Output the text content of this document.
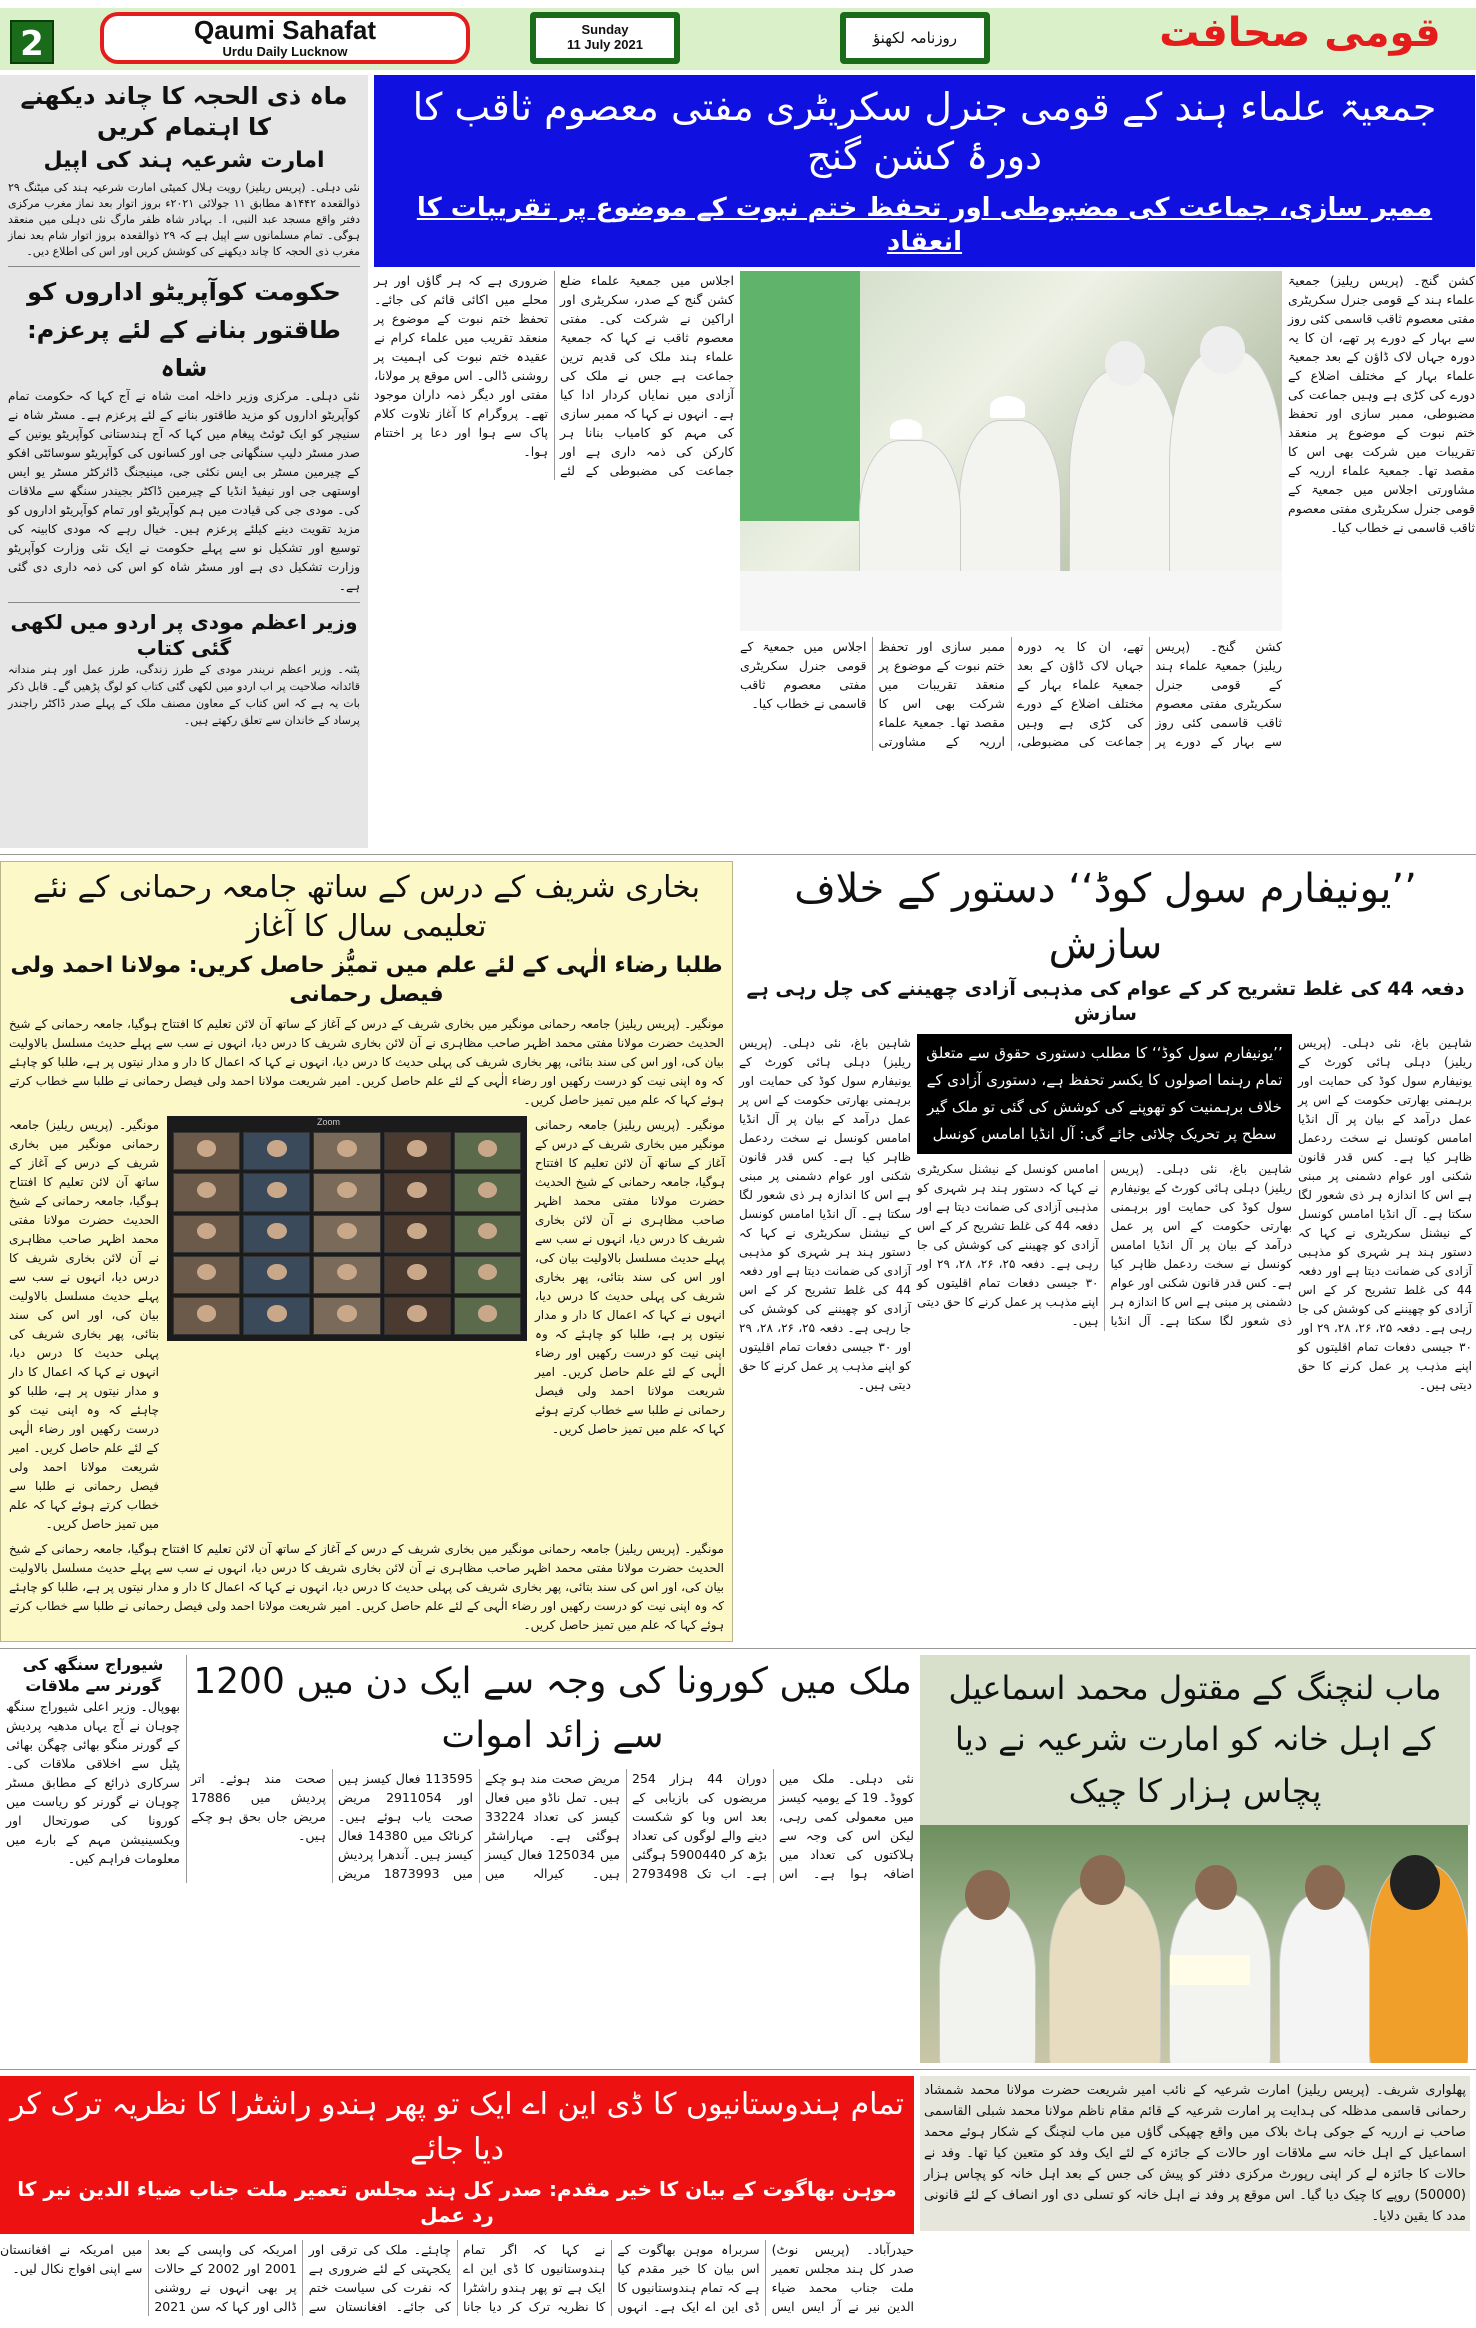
2	Qaumi Sahafat
Urdu Daily Lucknow
Sunday
11 July 2021	روزنامہ لکھنؤ	قومی صحافت
ماہ ذی الحجہ کا چاند دیکھنے کا اہتمام کریں
امارت شرعیہ ہند کی اپیل
نئی دہلی۔ (پریس ریلیز) رویت ہلال کمیٹی امارت شرعیہ ہند کی میٹنگ ۲۹ ذوالقعدہ ۱۴۴۲ھ مطابق ۱۱ جولائی ۲۰۲۱ء بروز اتوار بعد نماز مغرب مرکزی دفتر واقع مسجد عبد النبی، ا۔ بہادر شاہ ظفر مارگ نئی دہلی میں منعقد ہوگی۔ تمام مسلمانوں سے اپیل ہے کہ ۲۹ ذوالقعدہ بروز اتوار شام بعد نماز مغرب ذی الحجہ کا چاند دیکھنے کی کوشش کریں اور اس کی اطلاع دیں۔
حکومت کوآپریٹو اداروں کو طاقتور بنانے کے لئے پرعزم: شاہ
نئی دہلی۔ مرکزی وزیر داخلہ امت شاہ نے آج کہا کہ حکومت تمام کوآپریٹو اداروں کو مزید طاقتور بنانے کے لئے پرعزم ہے۔ مسٹر شاہ نے سنیچر کو ایک ٹوئٹ پیغام میں کہا کہ آج ہندستانی کوآپریٹو یونین کے صدر مسٹر دلیپ سنگھانی جی اور کسانوں کی کوآپریٹو سوسائٹی افکو کے چیرمین مسٹر بی ایس نکئی جی، مینیجنگ ڈائرکٹر مسٹر یو ایس اوستھی جی اور نیفیڈ انڈیا کے چیرمین ڈاکٹر بجیندر سنگھ سے ملاقات کی۔ مودی جی کی قیادت میں ہم کوآپریٹو اور تمام کوآپریٹو اداروں کو مزید تقویت دینے کیلئے پرعزم ہیں۔ خیال رہے کہ مودی کابینہ کی توسیع اور تشکیل نو سے پہلے حکومت نے ایک نئی وزارت کوآپریٹو وزارت تشکیل دی ہے اور مسٹر شاہ کو اس کی ذمہ داری دی گئی ہے۔
وزیر اعظم مودی پر اردو میں لکھی گئی کتاب
پٹنہ۔ وزیر اعظم نریندر مودی کے طرز زندگی، طرز عمل اور ہنر مندانہ قائدانہ صلاحیت پر اب اردو میں لکھی گئی کتاب کو لوگ پڑھیں گے۔ قابل ذکر بات یہ ہے کہ اس کتاب کے معاون مصنف ملک کے پہلے صدر ڈاکٹر راجندر پرساد کے خاندان سے تعلق رکھتے ہیں۔
جمعیۃ علماء ہند کے قومی جنرل سکریٹری مفتی معصوم ثاقب کا دورۂ کشن گنج
ممبر سازی، جماعت کی مضبوطی اور تحفظ ختم نبوت کے موضوع پر تقریبات کا انعقاد
اجلاس میں جمعیۃ علماء ضلع کشن گنج کے صدر، سکریٹری اور اراکین نے شرکت کی۔ مفتی معصوم ثاقب نے کہا کہ جمعیۃ علماء ہند ملک کی قدیم ترین جماعت ہے جس نے ملک کی آزادی میں نمایاں کردار ادا کیا ہے۔ انہوں نے کہا کہ ممبر سازی کی مہم کو کامیاب بنانا ہر کارکن کی ذمہ داری ہے اور جماعت کی مضبوطی کے لئے ضروری ہے کہ ہر گاؤں اور ہر محلے میں اکائی قائم کی جائے۔ تحفظ ختم نبوت کے موضوع پر منعقد تقریب میں علماء کرام نے عقیدہ ختم نبوت کی اہمیت پر روشنی ڈالی۔ اس موقع پر مولانا، مفتی اور دیگر ذمہ داران موجود تھے۔ پروگرام کا آغاز تلاوت کلام پاک سے ہوا اور دعا پر اختتام ہوا۔
کشن گنج۔ (پریس ریلیز) جمعیۃ علماء ہند کے قومی جنرل سکریٹری مفتی معصوم ثاقب قاسمی کئی روز سے بہار کے دورے پر تھے، ان کا یہ دورہ جہاں لاک ڈاؤن کے بعد جمعیۃ علماء بہار کے مختلف اضلاع کے دورے کی کڑی ہے وہیں جماعت کی مضبوطی، ممبر سازی اور تحفظ ختم نبوت کے موضوع پر منعقد تقریبات میں شرکت بھی اس کا مقصد تھا۔ جمعیۃ علماء ارریہ کے مشاورتی اجلاس میں جمعیۃ کے قومی جنرل سکریٹری مفتی معصوم ثاقب قاسمی نے خطاب کیا۔
کشن گنج۔ (پریس ریلیز) جمعیۃ علماء ہند کے قومی جنرل سکریٹری مفتی معصوم ثاقب قاسمی کئی روز سے بہار کے دورے پر تھے، ان کا یہ دورہ جہاں لاک ڈاؤن کے بعد جمعیۃ علماء بہار کے مختلف اضلاع کے دورے کی کڑی ہے وہیں جماعت کی مضبوطی، ممبر سازی اور تحفظ ختم نبوت کے موضوع پر منعقد تقریبات میں شرکت بھی اس کا مقصد تھا۔ جمعیۃ علماء ارریہ کے مشاورتی اجلاس میں جمعیۃ کے قومی جنرل سکریٹری مفتی معصوم ثاقب قاسمی نے خطاب کیا۔
بخاری شریف کے درس کے ساتھ جامعہ رحمانی کے نئے تعلیمی سال کا آغاز
طلبا رضاء الٰہی کے لئے علم میں تمیُّز حاصل کریں: مولانا احمد ولی فیصل رحمانی
مونگیر۔ (پریس ریلیز) جامعہ رحمانی مونگیر میں بخاری شریف کے درس کے آغاز کے ساتھ آن لائن تعلیم کا افتتاح ہوگیا، جامعہ رحمانی کے شیخ الحدیث حضرت مولانا مفتی محمد اظہر صاحب مظاہری نے آن لائن بخاری شریف کا درس دیا، انہوں نے سب سے پہلے حدیث مسلسل بالاولیت بیان کی، اور اس کی سند بتائی، پھر بخاری شریف کی پہلی حدیث کا درس دیا، انہوں نے کہا کہ اعمال کا دار و مدار نیتوں پر ہے، طلبا کو چاہئے کہ وہ اپنی نیت کو درست رکھیں اور رضاء الٰہی کے لئے علم حاصل کریں۔ امیر شریعت مولانا احمد ولی فیصل رحمانی نے طلبا سے خطاب کرتے ہوئے کہا کہ علم میں تمیز حاصل کریں۔
مونگیر۔ (پریس ریلیز) جامعہ رحمانی مونگیر میں بخاری شریف کے درس کے آغاز کے ساتھ آن لائن تعلیم کا افتتاح ہوگیا، جامعہ رحمانی کے شیخ الحدیث حضرت مولانا مفتی محمد اظہر صاحب مظاہری نے آن لائن بخاری شریف کا درس دیا، انہوں نے سب سے پہلے حدیث مسلسل بالاولیت بیان کی، اور اس کی سند بتائی، پھر بخاری شریف کی پہلی حدیث کا درس دیا، انہوں نے کہا کہ اعمال کا دار و مدار نیتوں پر ہے، طلبا کو چاہئے کہ وہ اپنی نیت کو درست رکھیں اور رضاء الٰہی کے لئے علم حاصل کریں۔ امیر شریعت مولانا احمد ولی فیصل رحمانی نے طلبا سے خطاب کرتے ہوئے کہا کہ علم میں تمیز حاصل کریں۔
Zoom	مونگیر۔ (پریس ریلیز) جامعہ رحمانی مونگیر میں بخاری شریف کے درس کے آغاز کے ساتھ آن لائن تعلیم کا افتتاح ہوگیا، جامعہ رحمانی کے شیخ الحدیث حضرت مولانا مفتی محمد اظہر صاحب مظاہری نے آن لائن بخاری شریف کا درس دیا، انہوں نے سب سے پہلے حدیث مسلسل بالاولیت بیان کی، اور اس کی سند بتائی، پھر بخاری شریف کی پہلی حدیث کا درس دیا، انہوں نے کہا کہ اعمال کا دار و مدار نیتوں پر ہے، طلبا کو چاہئے کہ وہ اپنی نیت کو درست رکھیں اور رضاء الٰہی کے لئے علم حاصل کریں۔ امیر شریعت مولانا احمد ولی فیصل رحمانی نے طلبا سے خطاب کرتے ہوئے کہا کہ علم میں تمیز حاصل کریں۔
مونگیر۔ (پریس ریلیز) جامعہ رحمانی مونگیر میں بخاری شریف کے درس کے آغاز کے ساتھ آن لائن تعلیم کا افتتاح ہوگیا، جامعہ رحمانی کے شیخ الحدیث حضرت مولانا مفتی محمد اظہر صاحب مظاہری نے آن لائن بخاری شریف کا درس دیا، انہوں نے سب سے پہلے حدیث مسلسل بالاولیت بیان کی، اور اس کی سند بتائی، پھر بخاری شریف کی پہلی حدیث کا درس دیا، انہوں نے کہا کہ اعمال کا دار و مدار نیتوں پر ہے، طلبا کو چاہئے کہ وہ اپنی نیت کو درست رکھیں اور رضاء الٰہی کے لئے علم حاصل کریں۔ امیر شریعت مولانا احمد ولی فیصل رحمانی نے طلبا سے خطاب کرتے ہوئے کہا کہ علم میں تمیز حاصل کریں۔
’’یونیفارم سول کوڈ‘‘ دستور کے خلاف سازش
دفعہ 44 کی غلط تشریح کر کے عوام کی مذہبی آزادی چھیننے کی چل رہی ہے سازش
شاہین باغ، نئی دہلی۔ (پریس ریلیز) دہلی ہائی کورٹ کے یونیفارم سول کوڈ کی حمایت اور برہمنی بھارتی حکومت کے اس پر عمل درآمد کے بیان پر آل انڈیا امامس کونسل نے سخت ردعمل ظاہر کیا ہے۔ کس قدر قانون شکنی اور عوام دشمنی پر مبنی ہے اس کا اندازہ ہر ذی شعور لگا سکتا ہے۔ آل انڈیا امامس کونسل کے نیشنل سکریٹری نے کہا کہ دستور ہند ہر شہری کو مذہبی آزادی کی ضمانت دیتا ہے اور دفعہ 44 کی غلط تشریح کر کے اس آزادی کو چھیننے کی کوشش کی جا رہی ہے۔ دفعہ ۲۵، ۲۶، ۲۸، ۲۹ اور ۳۰ جیسی دفعات تمام اقلیتوں کو اپنے مذہب پر عمل کرنے کا حق دیتی ہیں۔
’’یونیفارم سول کوڈ‘‘ کا مطلب دستوری حقوق سے متعلق تمام رہنما اصولوں کا یکسر تحفظ ہے، دستوری آزادی کے خلاف برہمنیت کو تھوپنے کی کوشش کی گئی تو ملک گیر سطح پر تحریک چلائی جائے گی: آل انڈیا امامس کونسل
شاہین باغ، نئی دہلی۔ (پریس ریلیز) دہلی ہائی کورٹ کے یونیفارم سول کوڈ کی حمایت اور برہمنی بھارتی حکومت کے اس پر عمل درآمد کے بیان پر آل انڈیا امامس کونسل نے سخت ردعمل ظاہر کیا ہے۔ کس قدر قانون شکنی اور عوام دشمنی پر مبنی ہے اس کا اندازہ ہر ذی شعور لگا سکتا ہے۔ آل انڈیا امامس کونسل کے نیشنل سکریٹری نے کہا کہ دستور ہند ہر شہری کو مذہبی آزادی کی ضمانت دیتا ہے اور دفعہ 44 کی غلط تشریح کر کے اس آزادی کو چھیننے کی کوشش کی جا رہی ہے۔ دفعہ ۲۵، ۲۶، ۲۸، ۲۹ اور ۳۰ جیسی دفعات تمام اقلیتوں کو اپنے مذہب پر عمل کرنے کا حق دیتی ہیں۔
شاہین باغ، نئی دہلی۔ (پریس ریلیز) دہلی ہائی کورٹ کے یونیفارم سول کوڈ کی حمایت اور برہمنی بھارتی حکومت کے اس پر عمل درآمد کے بیان پر آل انڈیا امامس کونسل نے سخت ردعمل ظاہر کیا ہے۔ کس قدر قانون شکنی اور عوام دشمنی پر مبنی ہے اس کا اندازہ ہر ذی شعور لگا سکتا ہے۔ آل انڈیا امامس کونسل کے نیشنل سکریٹری نے کہا کہ دستور ہند ہر شہری کو مذہبی آزادی کی ضمانت دیتا ہے اور دفعہ 44 کی غلط تشریح کر کے اس آزادی کو چھیننے کی کوشش کی جا رہی ہے۔ دفعہ ۲۵، ۲۶، ۲۸، ۲۹ اور ۳۰ جیسی دفعات تمام اقلیتوں کو اپنے مذہب پر عمل کرنے کا حق دیتی ہیں۔
شیوراج سنگھ کی گورنر سے ملاقات
بھوپال۔ وزیر اعلی شیوراج سنگھ چوہان نے آج یہاں مدھیہ پردیش کے گورنر منگو بھائی چھگن بھائی پٹیل سے اخلاقی ملاقات کی۔ سرکاری ذرائع کے مطابق مسٹر چوہان نے گورنر کو ریاست میں کورونا کی صورتحال اور ویکسینیشن مہم کے بارے میں معلومات فراہم کیں۔
ملک میں کورونا کی وجہ سے ایک دن میں 1200 سے زائد اموات
نئی دہلی۔ ملک میں کووڈ۔ 19 کے یومیہ کیسز میں معمولی کمی رہی، لیکن اس کی وجہ سے ہلاکتوں کی تعداد میں اضافہ ہوا ہے۔ اس دوران 44 ہزار 254 مریضوں کی بازیابی کے بعد اس وبا کو شکست دینے والے لوگوں کی تعداد بڑھ کر 5900440 ہوگئی ہے۔ اب تک 2793498 مریض صحت مند ہو چکے ہیں۔ تمل ناڈو میں فعال کیسز کی تعداد 33224 ہوگئی ہے۔ مہاراشٹر میں 125034 فعال کیسز ہیں۔ کیرالہ میں 113595 فعال کیسز ہیں اور 2911054 مریض صحت یاب ہوئے ہیں۔ کرناٹک میں 14380 فعال کیسز ہیں۔ آندھرا پردیش میں 1873993 مریض صحت مند ہوئے۔ اتر پردیش میں 17886 مریض جاں بحق ہو چکے ہیں۔
ماب لنچنگ کے مقتول محمد اسماعیل کے اہل خانہ کو امارت شرعیہ نے دیا پچاس ہزار کا چیک
تمام ہندوستانیوں کا ڈی این اے ایک تو پھر ہندو راشٹرا کا نظریہ ترک کر دیا جائے
موہن بھاگوت کے بیان کا خیر مقدم: صدر کل ہند مجلس تعمیر ملت جناب ضیاء الدین نیر کا رد عمل
حیدرآباد۔ (پریس نوٹ) صدر کل ہند مجلس تعمیر ملت جناب محمد ضیاء الدین نیر نے آر ایس ایس سربراہ موہن بھاگوت کے اس بیان کا خیر مقدم کیا ہے کہ تمام ہندوستانیوں کا ڈی این اے ایک ہے۔ انہوں نے کہا کہ اگر تمام ہندوستانیوں کا ڈی این اے ایک ہے تو پھر ہندو راشٹرا کا نظریہ ترک کر دیا جانا چاہئے۔ ملک کی ترقی اور یکجہتی کے لئے ضروری ہے کہ نفرت کی سیاست ختم کی جائے۔ افغانستان سے امریکہ کی واپسی کے بعد 2001 اور 2002 کے حالات پر بھی انہوں نے روشنی ڈالی اور کہا کہ سن 2021 میں امریکہ نے افغانستان سے اپنی افواج نکال لیں۔
پھلواری شریف۔ (پریس ریلیز) امارت شرعیہ کے نائب امیر شریعت حضرت مولانا محمد شمشاد رحمانی قاسمی مدظلہ کی ہدایت پر امارت شرعیہ کے قائم مقام ناظم مولانا محمد شبلی القاسمی صاحب نے ارریہ کے جوکی ہاٹ بلاک میں واقع چھپکی گاؤں میں ماب لنچنگ کے شکار ہوئے محمد اسماعیل کے اہل خانہ سے ملاقات اور حالات کے جائزہ کے لئے ایک وفد کو متعین کیا تھا۔ وفد نے حالات کا جائزہ لے کر اپنی رپورٹ مرکزی دفتر کو پیش کی جس کے بعد اہل خانہ کو پچاس ہزار (50000) روپے کا چیک دیا گیا۔ اس موقع پر وفد نے اہل خانہ کو تسلی دی اور انصاف کے لئے قانونی مدد کا یقین دلایا۔
